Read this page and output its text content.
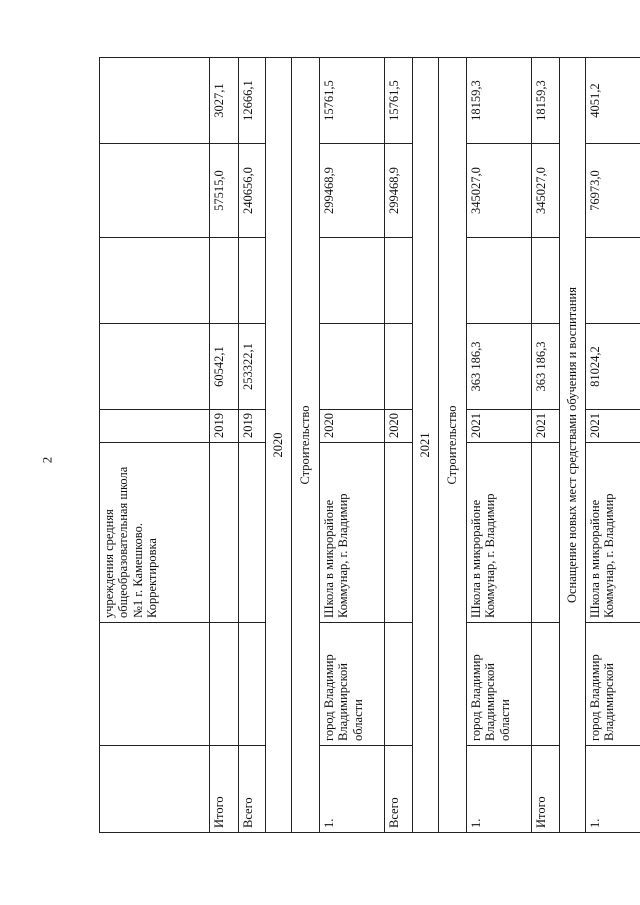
2
		учреждения средняя общеобразовательная школа №1 г. Камешково. Корректировка					
Итого			2019	60542,1		57515,0	3027,1
Всего			2019	253322,1		240656,0	12666,1
2020							
Строительство							
1.	город Владимир Владимирской области	Школа в микрорайоне Коммунар, г. Владимир	2020			299468,9	15761,5
Всего			2020			299468,9	15761,5
2021							
Строительство							
1.	город Владимир Владимирской области	Школа в микрорайоне Коммунар, г. Владимир	2021	363 186,3		345027,0	18159,3
Итого			2021	363 186,3		345027,0	18159,3
Оснащение новых мест средствами обучения и воспитания							
1.	город Владимир Владимирской	Школа в микрорайоне Коммунар, г. Владимир	2021	81024,2		76973,0	4051,2
